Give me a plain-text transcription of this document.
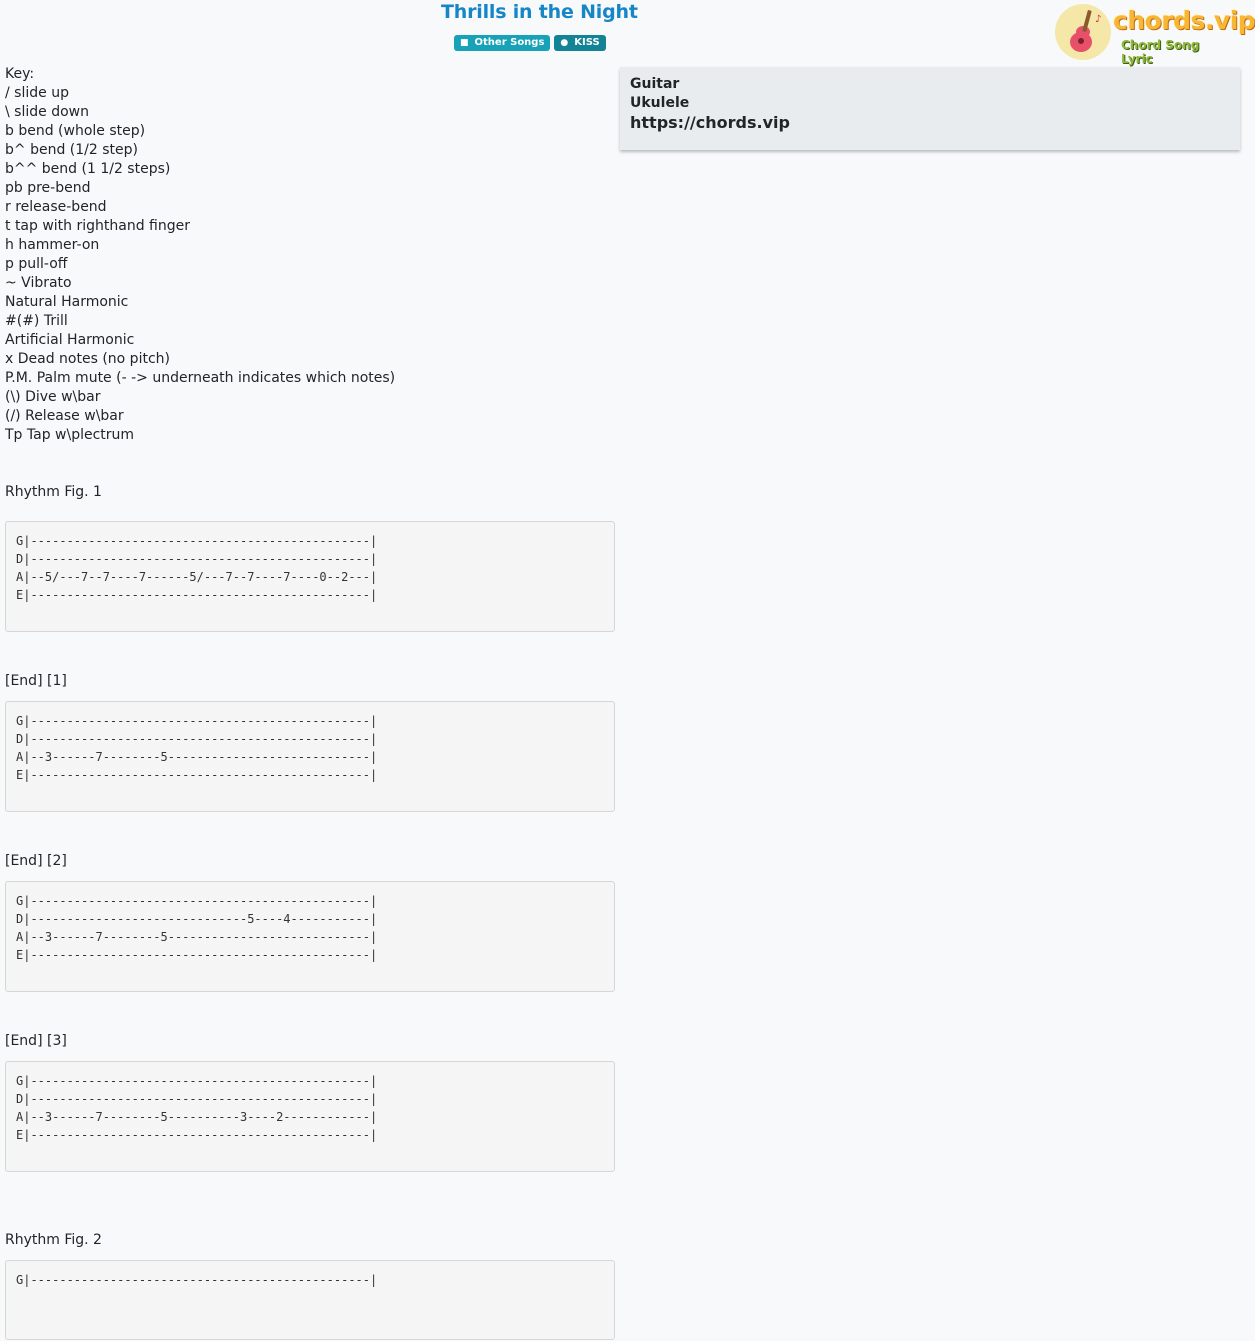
Thrills in the Night
■ Other Songs ● KISS
♪ chords.vip
Chord Song Lyric

Key:

/ slide up

\ slide down

b bend (whole step)

b^ bend (1/2 step)

b^^ bend (1 1/2 steps)

pb pre-bend

r release-bend

t tap with righthand finger

h hammer-on

p pull-off

~ Vibrato

Natural Harmonic

#(#) Trill

Artificial Harmonic

x Dead notes (no pitch)

P.M. Palm mute (- -> underneath indicates which notes)

(\) Dive w\bar

(/) Release w\bar

Tp Tap w\plectrum

Rhythm Fig. 1

G|-----------------------------------------------|
D|-----------------------------------------------|
A|--5/---7--7----7------5/---7--7----7----0--2---|
E|-----------------------------------------------|

[End] [1]

G|-----------------------------------------------|
D|-----------------------------------------------|
A|--3------7--------5----------------------------|
E|-----------------------------------------------|

[End] [2]

G|-----------------------------------------------|
D|------------------------------5----4-----------|
A|--3------7--------5----------------------------|
E|-----------------------------------------------|

[End] [3]

G|-----------------------------------------------|
D|-----------------------------------------------|
A|--3------7--------5----------3----2------------|
E|-----------------------------------------------|

Rhythm Fig. 2

G|-----------------------------------------------|
Guitar
Ukulele
https://chords.vip
